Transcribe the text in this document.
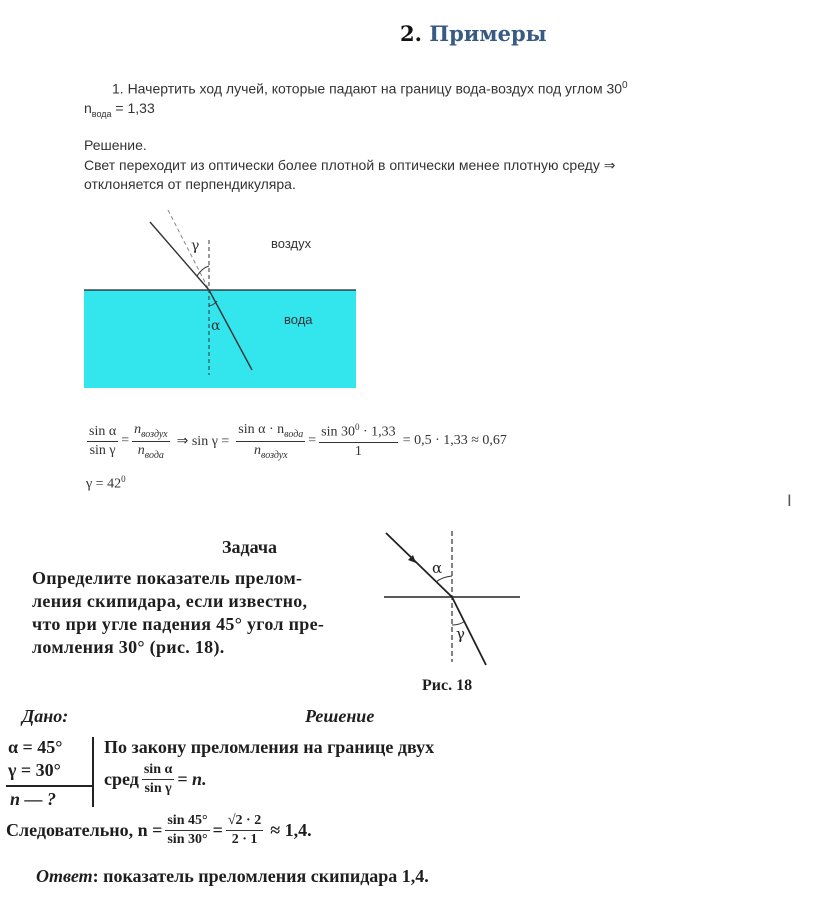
2. Примеры
1. Начертить ход лучей, которые падают на границу вода-воздух под углом $30^0$
$n_{вода} = 1,33$
Решение.
Свет переходит из оптически более плотной в оптически менее плотную среду ⇒
отклоняется от перпендикуляра.
γ
α
воздух
вода
$\frac{\text{sin α}}{\text{sin γ}} = \frac{n_{воздух}}{n_{вода}}$ ⇒ $\sin \gamma = \frac{\sin \alpha \cdot n_{вода}}{n_{воздух}} = \frac{\sin 30^0 \cdot 1,33}{1} = 0,5 \cdot 1,33 \approx 0,67$
$\gamma = 42^0$
I
Задача
Определите показатель прелом-
ления скипидара, если известно,
что при угле падения 45° угол пре-
ломления 30° (рис. 18).
α
γ
Рис. 18
Дано:	Решение
α = 45°
γ = 30°
n — ?
По закону преломления на границе двух
сред $\frac{\text{sin α}}{\text{sin γ}} = n$.
Следовательно, $n = \frac{\sin 45^\circ}{\sin 30^\circ} = \frac{√2 \cdot 2}{2 \cdot 1} \approx 1,4$.
Ответ: показатель преломления скипидара 1,4.
